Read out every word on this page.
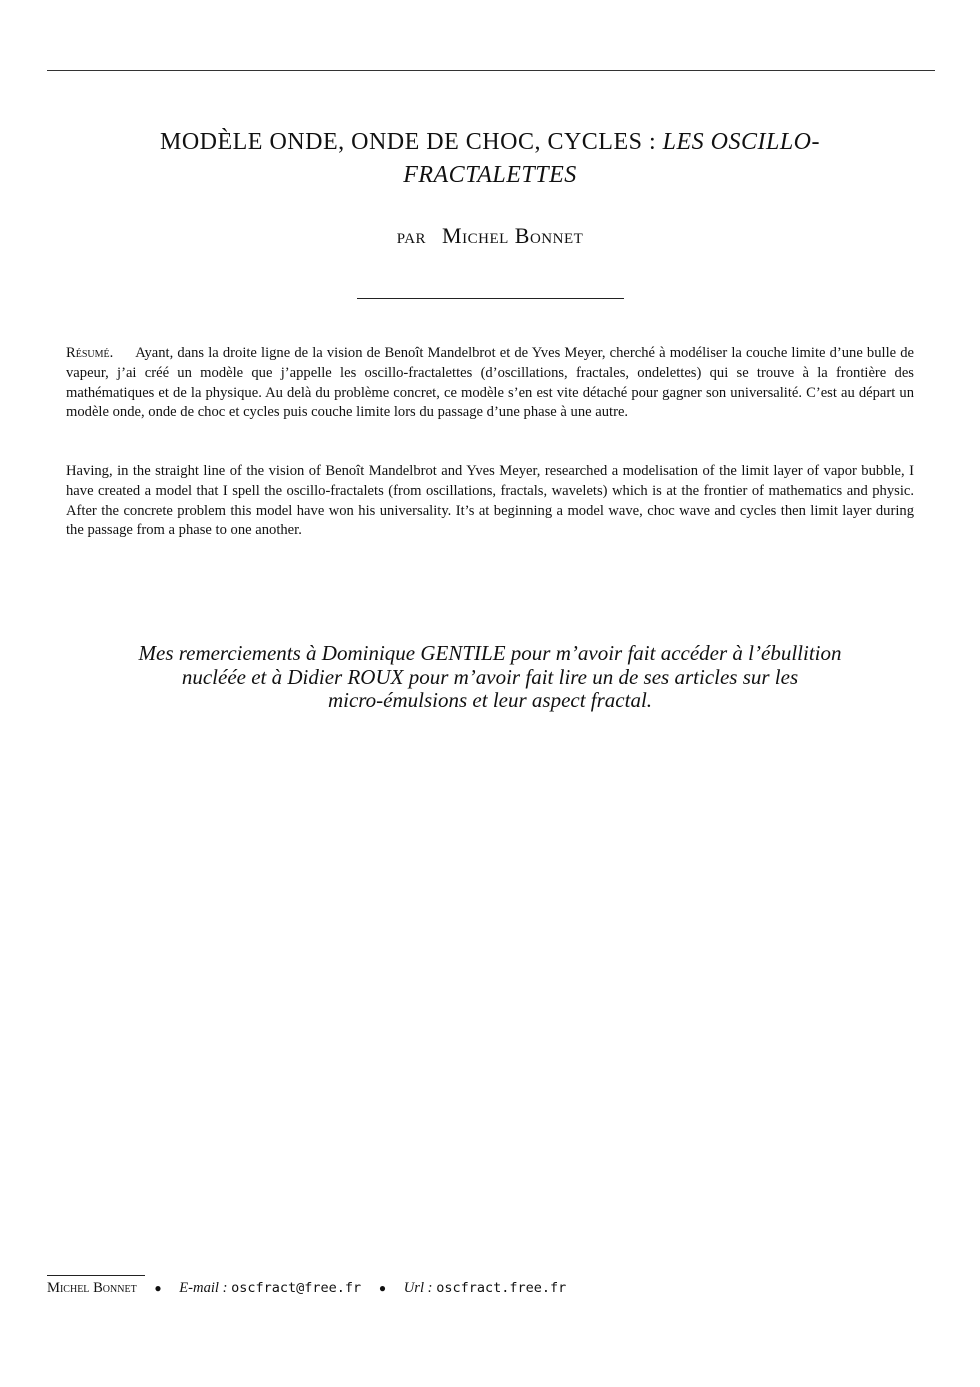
MODÈLE ONDE, ONDE DE CHOC, CYCLES : LES OSCILLO-FRACTALETTES
par Michel Bonnet
Résumé. Ayant, dans la droite ligne de la vision de Benoît Mandelbrot et de Yves Meyer, cherché à modéliser la couche limite d’une bulle de vapeur, j’ai créé un modèle que j’appelle les oscillo-fractalettes (d’oscillations, fractales, ondelettes) qui se trouve à la frontière des mathématiques et de la physique. Au delà du problème concret, ce modèle s’en est vite détaché pour gagner son universalité. C’est au départ un modèle onde, onde de choc et cycles puis couche limite lors du passage d’une phase à une autre.
Having, in the straight line of the vision of Benoît Mandelbrot and Yves Meyer, researched a modelisation of the limit layer of vapor bubble, I have created a model that I spell the oscillo-fractalets (from oscillations, fractals, wavelets) which is at the frontier of mathematics and physic. After the concrete problem this model have won his universality. It’s at beginning a model wave, choc wave and cycles then limit layer during the passage from a phase to one another.
Mes remerciements à Dominique GENTILE pour m’avoir fait accéder à l’ébullition
nucléée et à Didier ROUX pour m’avoir fait lire un de ses articles sur les
micro-émulsions et leur aspect fractal.
Michel Bonnet ● E-mail : oscfract@free.fr ● Url : oscfract.free.fr
